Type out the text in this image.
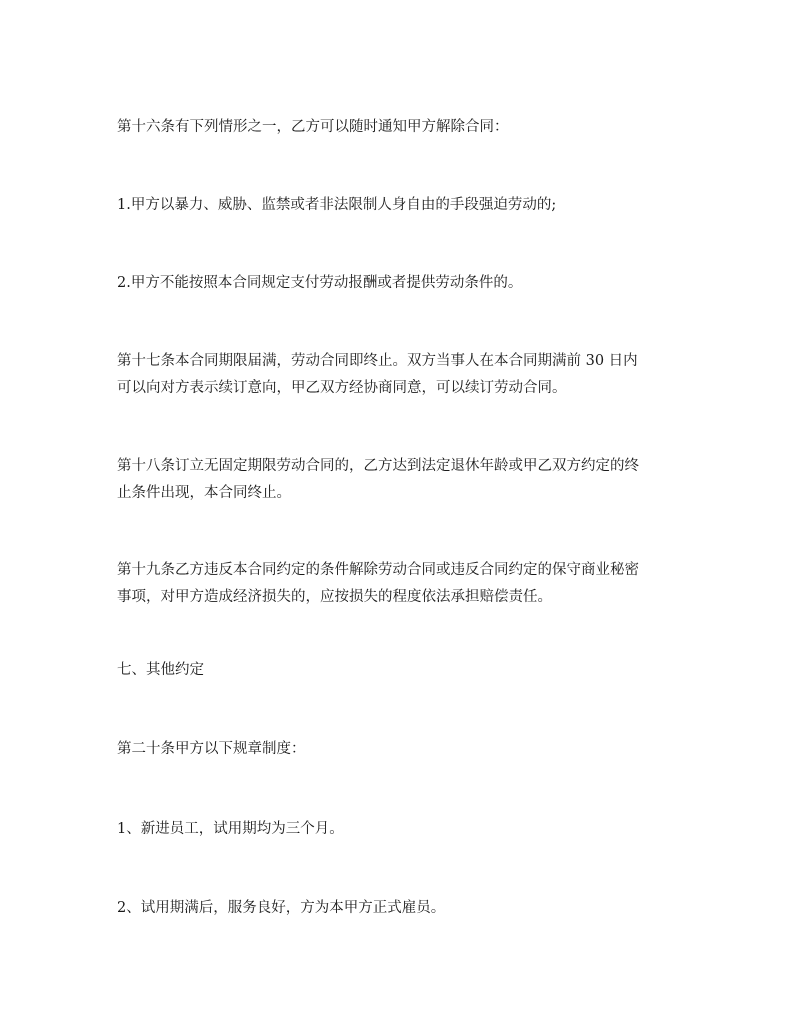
第十六条有下列情形之一，乙方可以随时通知甲方解除合同：

1.甲方以暴力、威胁、监禁或者非法限制人身自由的手段强迫劳动的;

2.甲方不能按照本合同规定支付劳动报酬或者提供劳动条件的。

第十七条本合同期限届满，劳动合同即终止。双方当事人在本合同期满前 30 日内
可以向对方表示续订意向，甲乙双方经协商同意，可以续订劳动合同。

第十八条订立无固定期限劳动合同的，乙方达到法定退休年龄或甲乙双方约定的终
止条件出现，本合同终止。

第十九条乙方违反本合同约定的条件解除劳动合同或违反合同约定的保守商业秘密
事项，对甲方造成经济损失的，应按损失的程度依法承担赔偿责任。

七、其他约定

第二十条甲方以下规章制度：

1、新进员工，试用期均为三个月。

2、试用期满后，服务良好，方为本甲方正式雇员。
